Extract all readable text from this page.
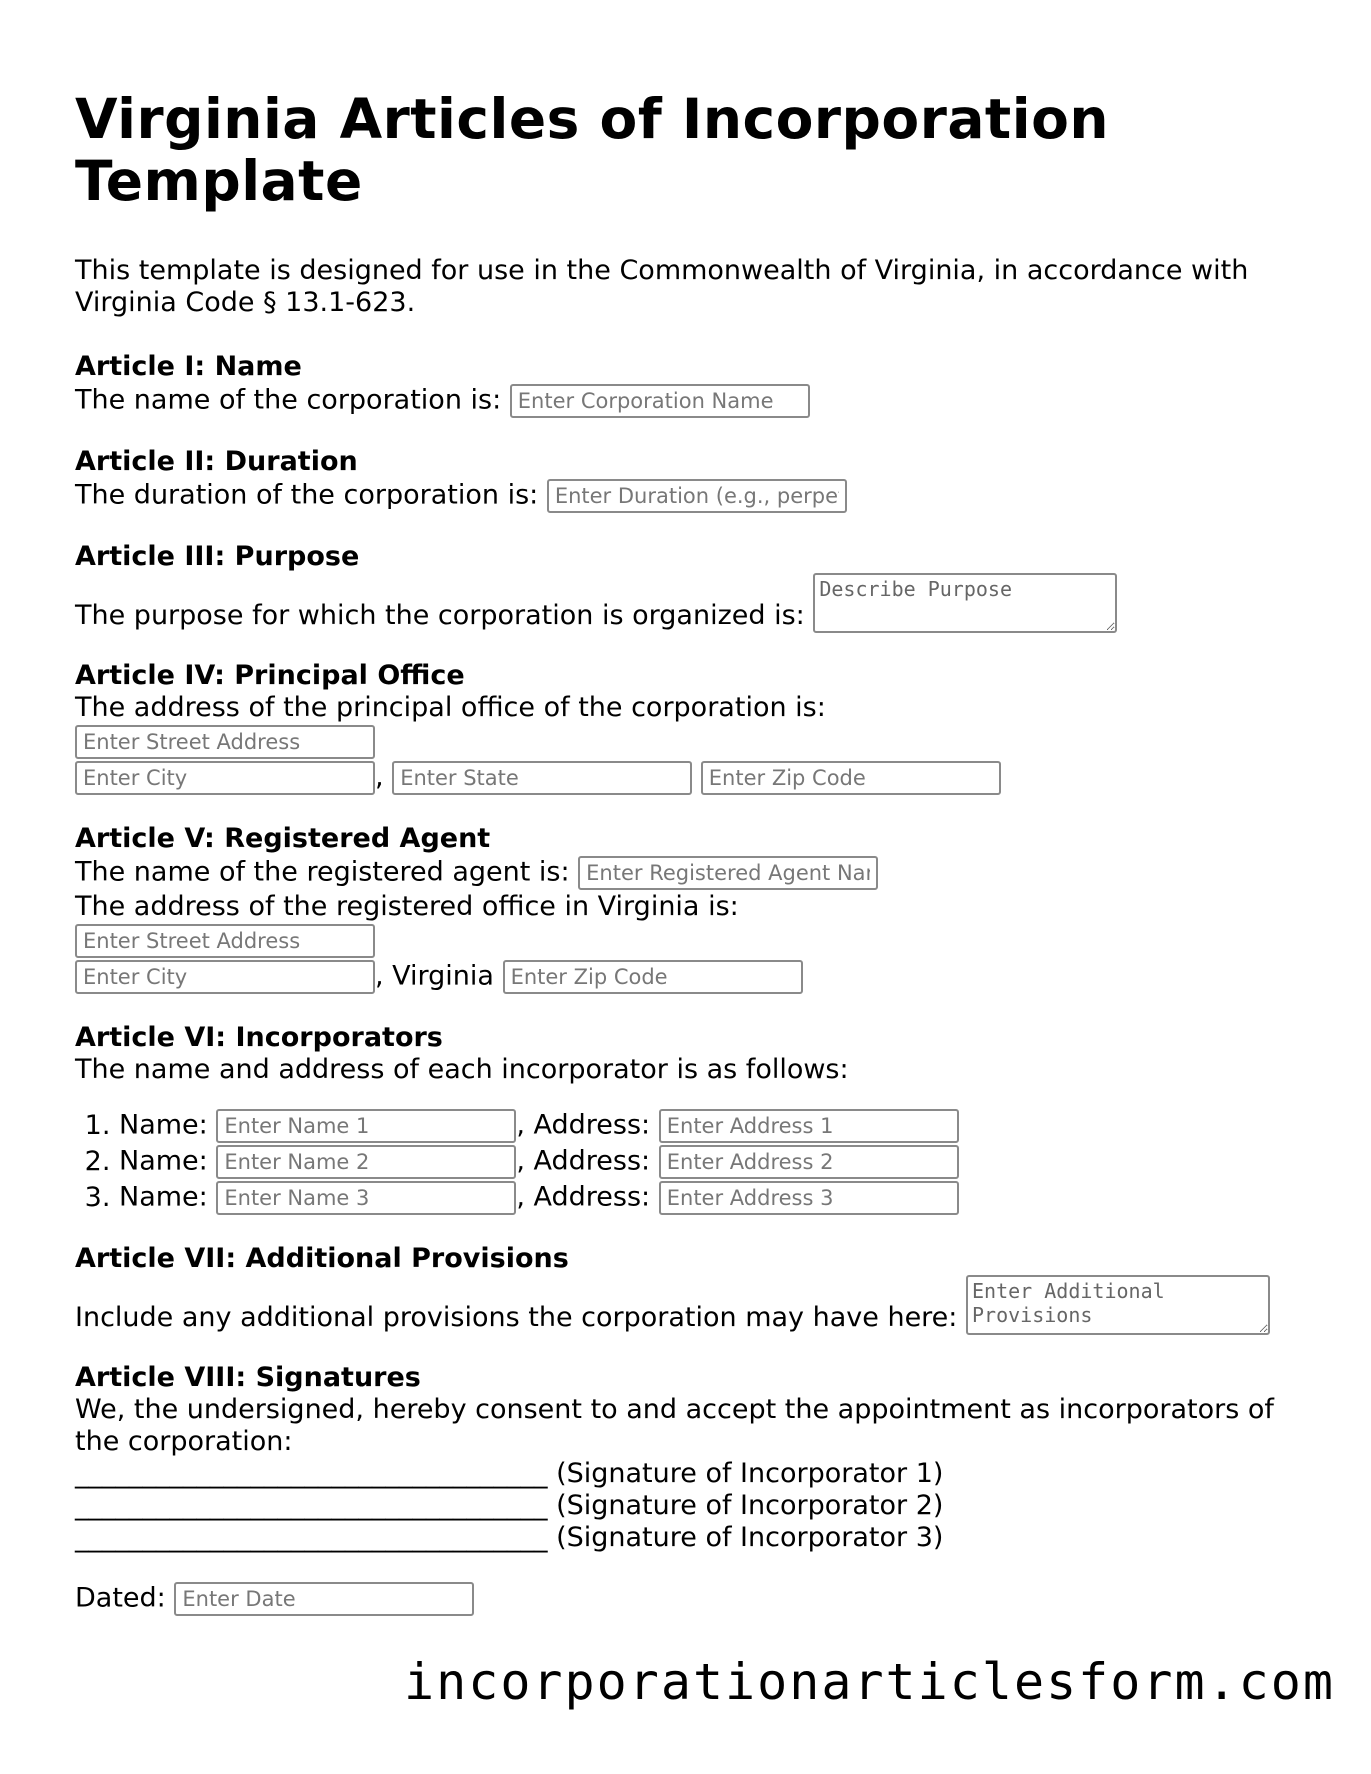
Virginia Articles of Incorporation Template

This template is designed for use in the Commonwealth of Virginia, in accordance with Virginia Code § 13.1-623.

Article I: Name
The name of the corporation is: Enter Corporation Name
Article II: Duration
The duration of the corporation is: Enter Duration (e.g., perpetual)
Article III: Purpose
The purpose for which the corporation is organized is: Describe Purpose
Article IV: Principal Office

The address of the principal office of the corporation is:

Enter Street Address
Enter City, Enter State Enter Zip Code
Article V: Registered Agent
The name of the registered agent is: Enter Registered Agent Name

The address of the registered office in Virginia is:

Enter Street Address
Enter City, Virginia Enter Zip Code
Article VI: Incorporators

The name and address of each incorporator is as follows:

1. Name: Enter Name 1	, Address: Enter Address 1
2. Name: Enter Name 2	, Address: Enter Address 2
3. Name: Enter Name 3	, Address: Enter Address 3
Article VII: Additional Provisions
Include any additional provisions the corporation may have here: Enter Additional Provisions
Article VIII: Signatures

We, the undersigned, hereby consent to and accept the appointment as incorporators of the corporation:

___________________________________ (Signature of Incorporator 1)
___________________________________ (Signature of Incorporator 2)
___________________________________ (Signature of Incorporator 3)
Dated: Enter Date
incorporationarticlesform.com
